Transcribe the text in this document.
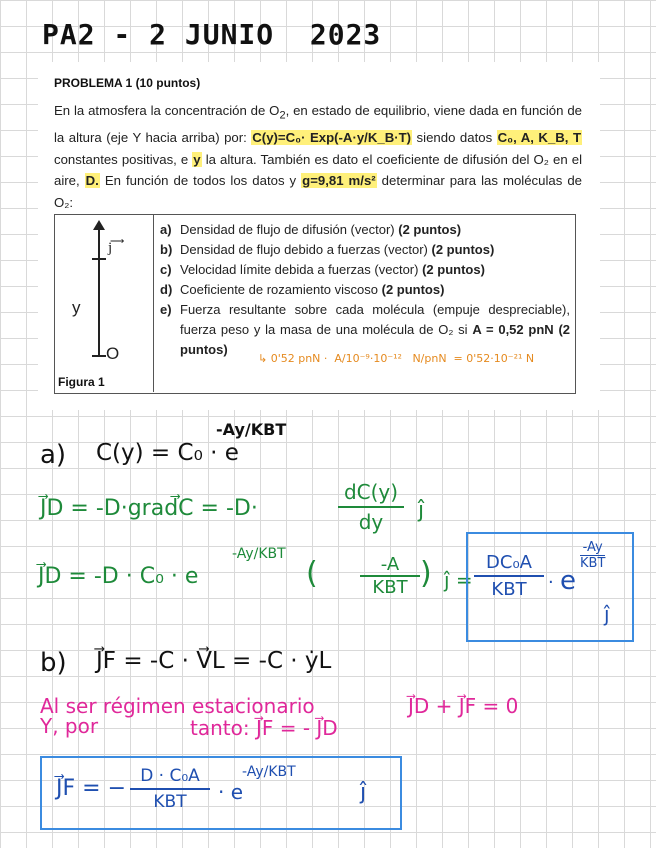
PA2 - 2 JUNIO  2023
PROBLEMA 1 (10 puntos)
En la atmosfera la concentración de $O_2$, en estado de equilibrio, viene dada en función de la altura (eje Y hacia arriba) por: C(y)=C₀· Exp(-A·y/K_B·T) siendo datos C₀, A, K_B, T constantes positivas, e y la altura. También es dato el coeficiente de difusión del O₂ en el aire, D. En función de todos los datos y g=9,81 m/s² determinar para las moléculas de O₂:
⟶
j
y
O
Figura 1
a) Densidad de flujo de difusión (vector) (2 puntos)
b) Densidad de flujo debido a fuerzas (vector) (2 puntos)
c) Velocidad límite debida a fuerzas (vector) (2 puntos)
d) Coeficiente de rozamiento viscoso (2 puntos)
e) Fuerza resultante sobre cada molécula (empuje despreciable), fuerza peso y la masa de una molécula de O₂ si A = 0,52 pnN (2 puntos)
↳ 0'52 pnN ·  A/10⁻⁹·10⁻¹²   N/pnN  = 0'52·10⁻²¹ N
a) C(y) = C₀ · e
-Ay/KBT
J⃗D = -D·grad⃗C = -D·	$\frac{dC(y)}{dy}$ ĵ
J⃗D = -D · C₀ · e
-Ay/KBT
(	-A
KBT ) ĵ =
DC₀A
KBT	· e
-Ay
KBT
ĵ
b) J⃗F = -C · V⃗L = -C · ẏL
Al ser régimen estacionario
Y, por	tanto: J⃗F = - J⃗D
J⃗D + J⃗F = 0
J⃗F = − D · C₀A
KBT	· e
-Ay/KBT
ĵ
